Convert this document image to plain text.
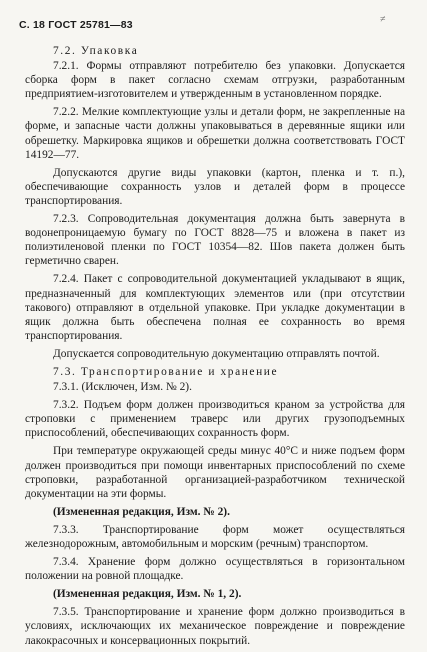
С. 18 ГОСТ 25781—83	≠
7.2. Упаковка

7.2.1. Формы отправляют потребителю без упаковки. Допускается сборка форм в пакет согласно схемам отгрузки, разработанным предприятием-изготовителем и утвержденным в установленном порядке.

7.2.2. Мелкие комплектующие узлы и детали форм, не закрепленные на форме, и запасные части должны упаковываться в деревянные ящики или обрешетку. Маркировка ящиков и обрешетки должна соответствовать ГОСТ 14192—77.

Допускаются другие виды упаковки (картон, пленка и т. п.), обеспечивающие сохранность узлов и деталей форм в процессе транспортирования.

7.2.3. Сопроводительная документация должна быть завернута в водонепроницаемую бумагу по ГОСТ 8828—75 и вложена в пакет из полиэтиленовой пленки по ГОСТ 10354—82. Шов пакета должен быть герметично сварен.

7.2.4. Пакет с сопроводительной документацией укладывают в ящик, предназначенный для комплектующих элементов или (при отсутствии такового) отправляют в отдельной упаковке. При укладке документации в ящик должна быть обеспечена полная ее сохранность во время транспортирования.

Допускается сопроводительную документацию отправлять почтой.

7.3. Транспортирование и хранение

7.3.1. (Исключен, Изм. № 2).

7.3.2. Подъем форм должен производиться краном за устройства для строповки с применением траверс или других грузоподъемных приспособлений, обеспечивающих сохранность форм.

При температуре окружающей среды минус 40°С и ниже подъем форм должен производиться при помощи инвентарных приспособлений по схеме строповки, разработанной организацией-разработчиком технической документации на эти формы.

(Измененная редакция, Изм. № 2).

7.3.3. Транспортирование форм может осуществляться железнодорожным, автомобильным и морским (речным) транспортом.

7.3.4. Хранение форм должно осуществляться в горизонтальном положении на ровной площадке.

(Измененная редакция, Изм. № 1, 2).

7.3.5. Транспортирование и хранение форм должно производиться в условиях, исключающих их механическое повреждение и повреждение лакокрасочных и консервационных покрытий.
